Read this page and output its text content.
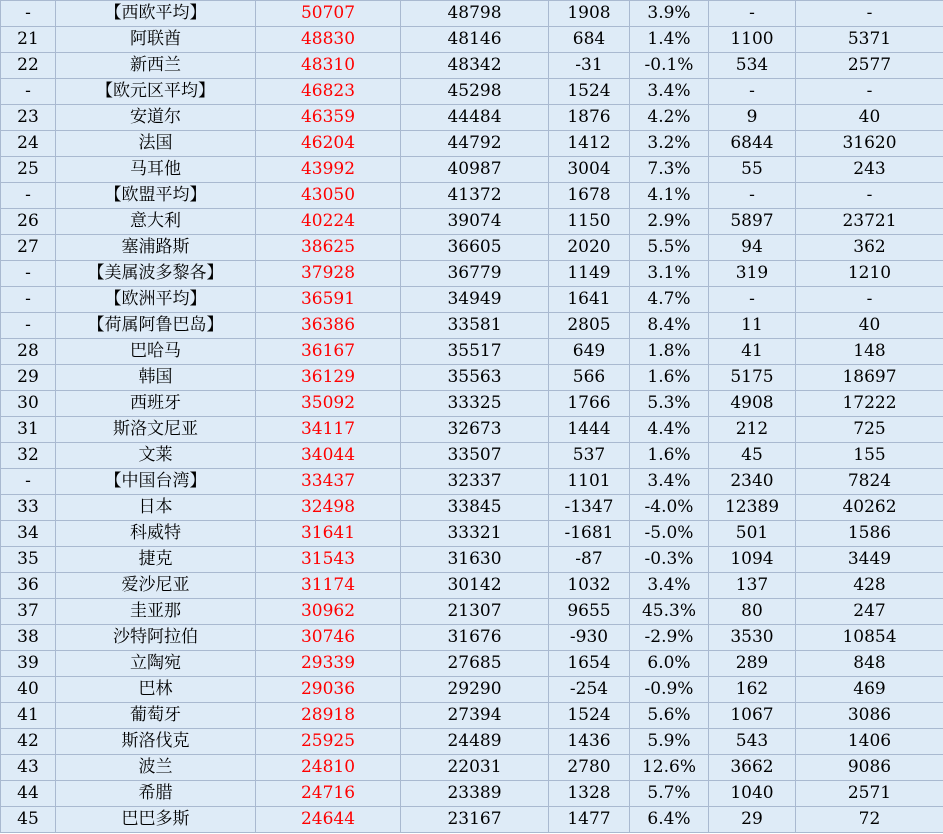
-	【西欧平均】	50707	48798	1908	3.9%	-	-
21	阿联酋	48830	48146	684	1.4%	1100	5371
22	新西兰	48310	48342	-31	-0.1%	534	2577
-	【欧元区平均】	46823	45298	1524	3.4%	-	-
23	安道尔	46359	44484	1876	4.2%	9	40
24	法国	46204	44792	1412	3.2%	6844	31620
25	马耳他	43992	40987	3004	7.3%	55	243
-	【欧盟平均】	43050	41372	1678	4.1%	-	-
26	意大利	40224	39074	1150	2.9%	5897	23721
27	塞浦路斯	38625	36605	2020	5.5%	94	362
-	【美属波多黎各】	37928	36779	1149	3.1%	319	1210
-	【欧洲平均】	36591	34949	1641	4.7%	-	-
-	【荷属阿鲁巴岛】	36386	33581	2805	8.4%	11	40
28	巴哈马	36167	35517	649	1.8%	41	148
29	韩国	36129	35563	566	1.6%	5175	18697
30	西班牙	35092	33325	1766	5.3%	4908	17222
31	斯洛文尼亚	34117	32673	1444	4.4%	212	725
32	文莱	34044	33507	537	1.6%	45	155
-	【中国台湾】	33437	32337	1101	3.4%	2340	7824
33	日本	32498	33845	-1347	-4.0%	12389	40262
34	科威特	31641	33321	-1681	-5.0%	501	1586
35	捷克	31543	31630	-87	-0.3%	1094	3449
36	爱沙尼亚	31174	30142	1032	3.4%	137	428
37	圭亚那	30962	21307	9655	45.3%	80	247
38	沙特阿拉伯	30746	31676	-930	-2.9%	3530	10854
39	立陶宛	29339	27685	1654	6.0%	289	848
40	巴林	29036	29290	-254	-0.9%	162	469
41	葡萄牙	28918	27394	1524	5.6%	1067	3086
42	斯洛伐克	25925	24489	1436	5.9%	543	1406
43	波兰	24810	22031	2780	12.6%	3662	9086
44	希腊	24716	23389	1328	5.7%	1040	2571
45	巴巴多斯	24644	23167	1477	6.4%	29	72
